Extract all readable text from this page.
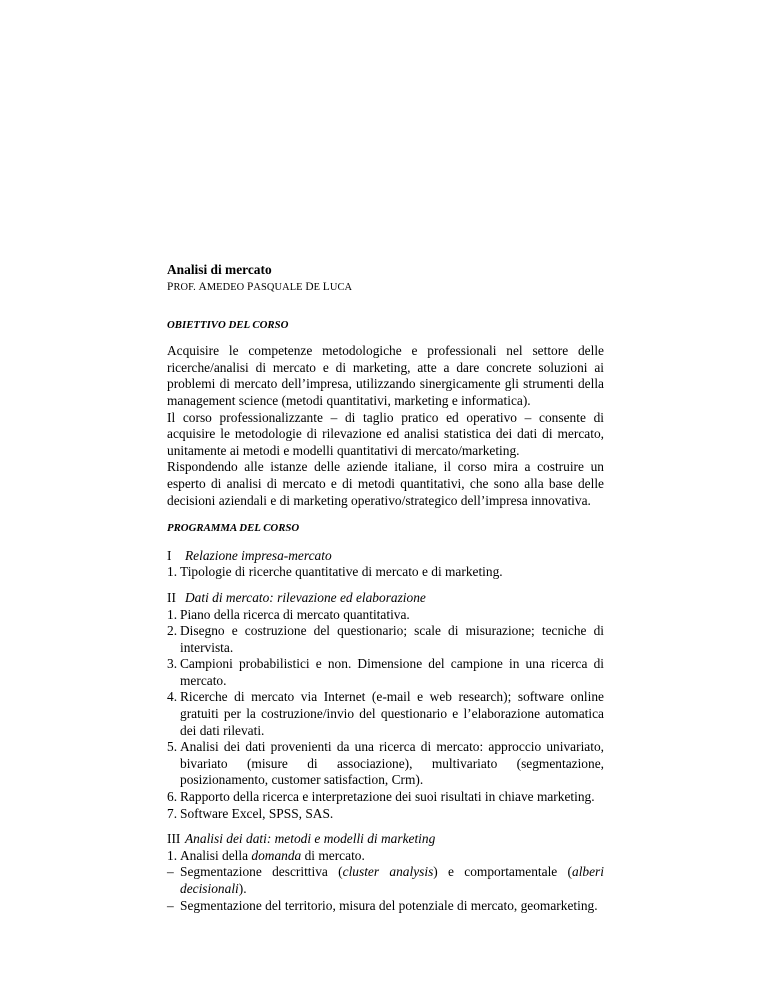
Analisi di mercato

PROF. AMEDEO PASQUALE DE LUCA

OBIETTIVO DEL CORSO

Acquisire le competenze metodologiche e professionali nel settore delle ricerche/analisi di mercato e di marketing, atte a dare concrete soluzioni ai problemi di mercato dell’impresa, utilizzando sinergicamente gli strumenti della management science (metodi quantitativi, marketing e informatica).

Il corso professionalizzante – di taglio pratico ed operativo – consente di acquisire le metodologie di rilevazione ed analisi statistica dei dati di mercato, unitamente ai metodi e modelli quantitativi di mercato/marketing.

Rispondendo alle istanze delle aziende italiane, il corso mira a costruire un esperto di analisi di mercato e di metodi quantitativi, che sono alla base delle decisioni aziendali e di marketing operativo/strategico dell’impresa innovativa.

PROGRAMMA DEL CORSO

I	Relazione impresa-mercato
1. Tipologie di ricerche quantitative di mercato e di marketing.
II Dati di mercato: rilevazione ed elaborazione
1. Piano della ricerca di mercato quantitativa.
2. Disegno e costruzione del questionario; scale di misurazione; tecniche di intervista.
3. Campioni probabilistici e non. Dimensione del campione in una ricerca di mercato.
4. Ricerche di mercato via Internet (e-mail e web research); software online gratuiti per la costruzione/invio del questionario e l’elaborazione automatica dei dati rilevati.
5. Analisi dei dati provenienti da una ricerca di mercato: approccio univariato, bivariato (misure di associazione), multivariato (segmentazione, posizionamento, customer satisfaction, Crm).
6. Rapporto della ricerca e interpretazione dei suoi risultati in chiave marketing.
7. Software Excel, SPSS, SAS.
III Analisi dei dati: metodi e modelli di marketing
1. Analisi della domanda di mercato.
– Segmentazione descrittiva (cluster analysis) e comportamentale (alberi decisionali).
– Segmentazione del territorio, misura del potenziale di mercato, geomarketing.
